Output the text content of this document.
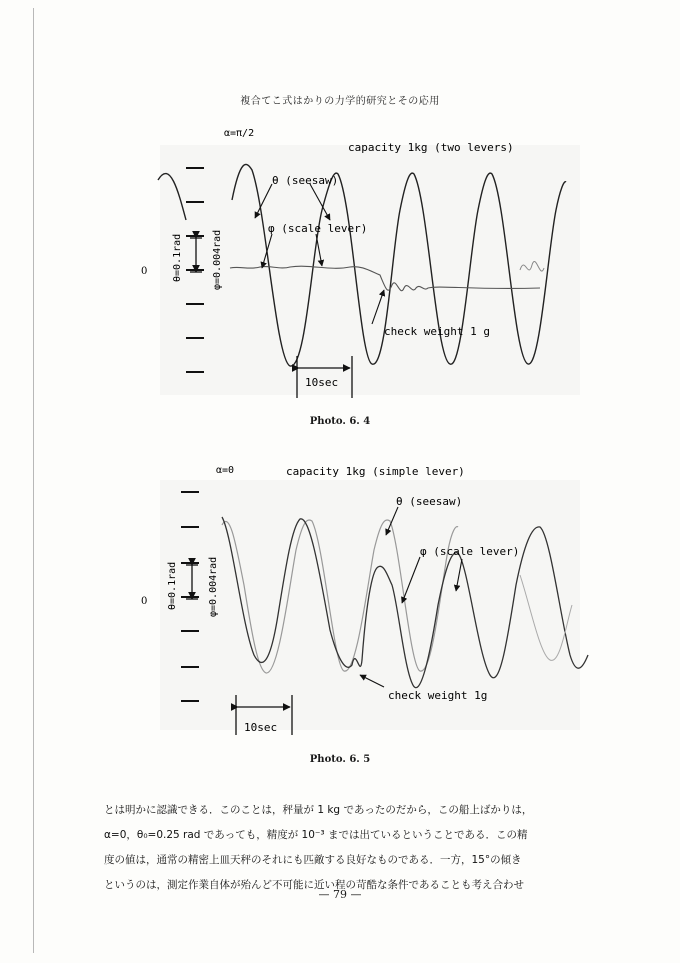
複合てこ式はかりの力学的研究とその応用
α=π/2
capacity 1kg (two levers)
0 θ=0.1rad	φ=0.004rad
θ (seesaw)
φ (scale lever)
check weight 1 g
10sec
Photo. 6. 4
α=0	capacity 1kg (simple lever)
0 θ=0.1rad	φ=0.004rad
θ (seesaw)
φ (scale lever)
check weight 1g
10sec
Photo. 6. 5

とは明かに認識できる．このことは，秤量が 1 kg であったのだから，この船上ばかりは，

α=0，θ₀=0.25 rad であっても，精度が 10⁻³ までは出ているということである．この精

度の値は，通常の精密上皿天秤のそれにも匹敵する良好なものである．一方，15°の傾き

というのは，測定作業自体が殆んど不可能に近い程の苛酷な条件であることも考え合わせ

— 79 —
